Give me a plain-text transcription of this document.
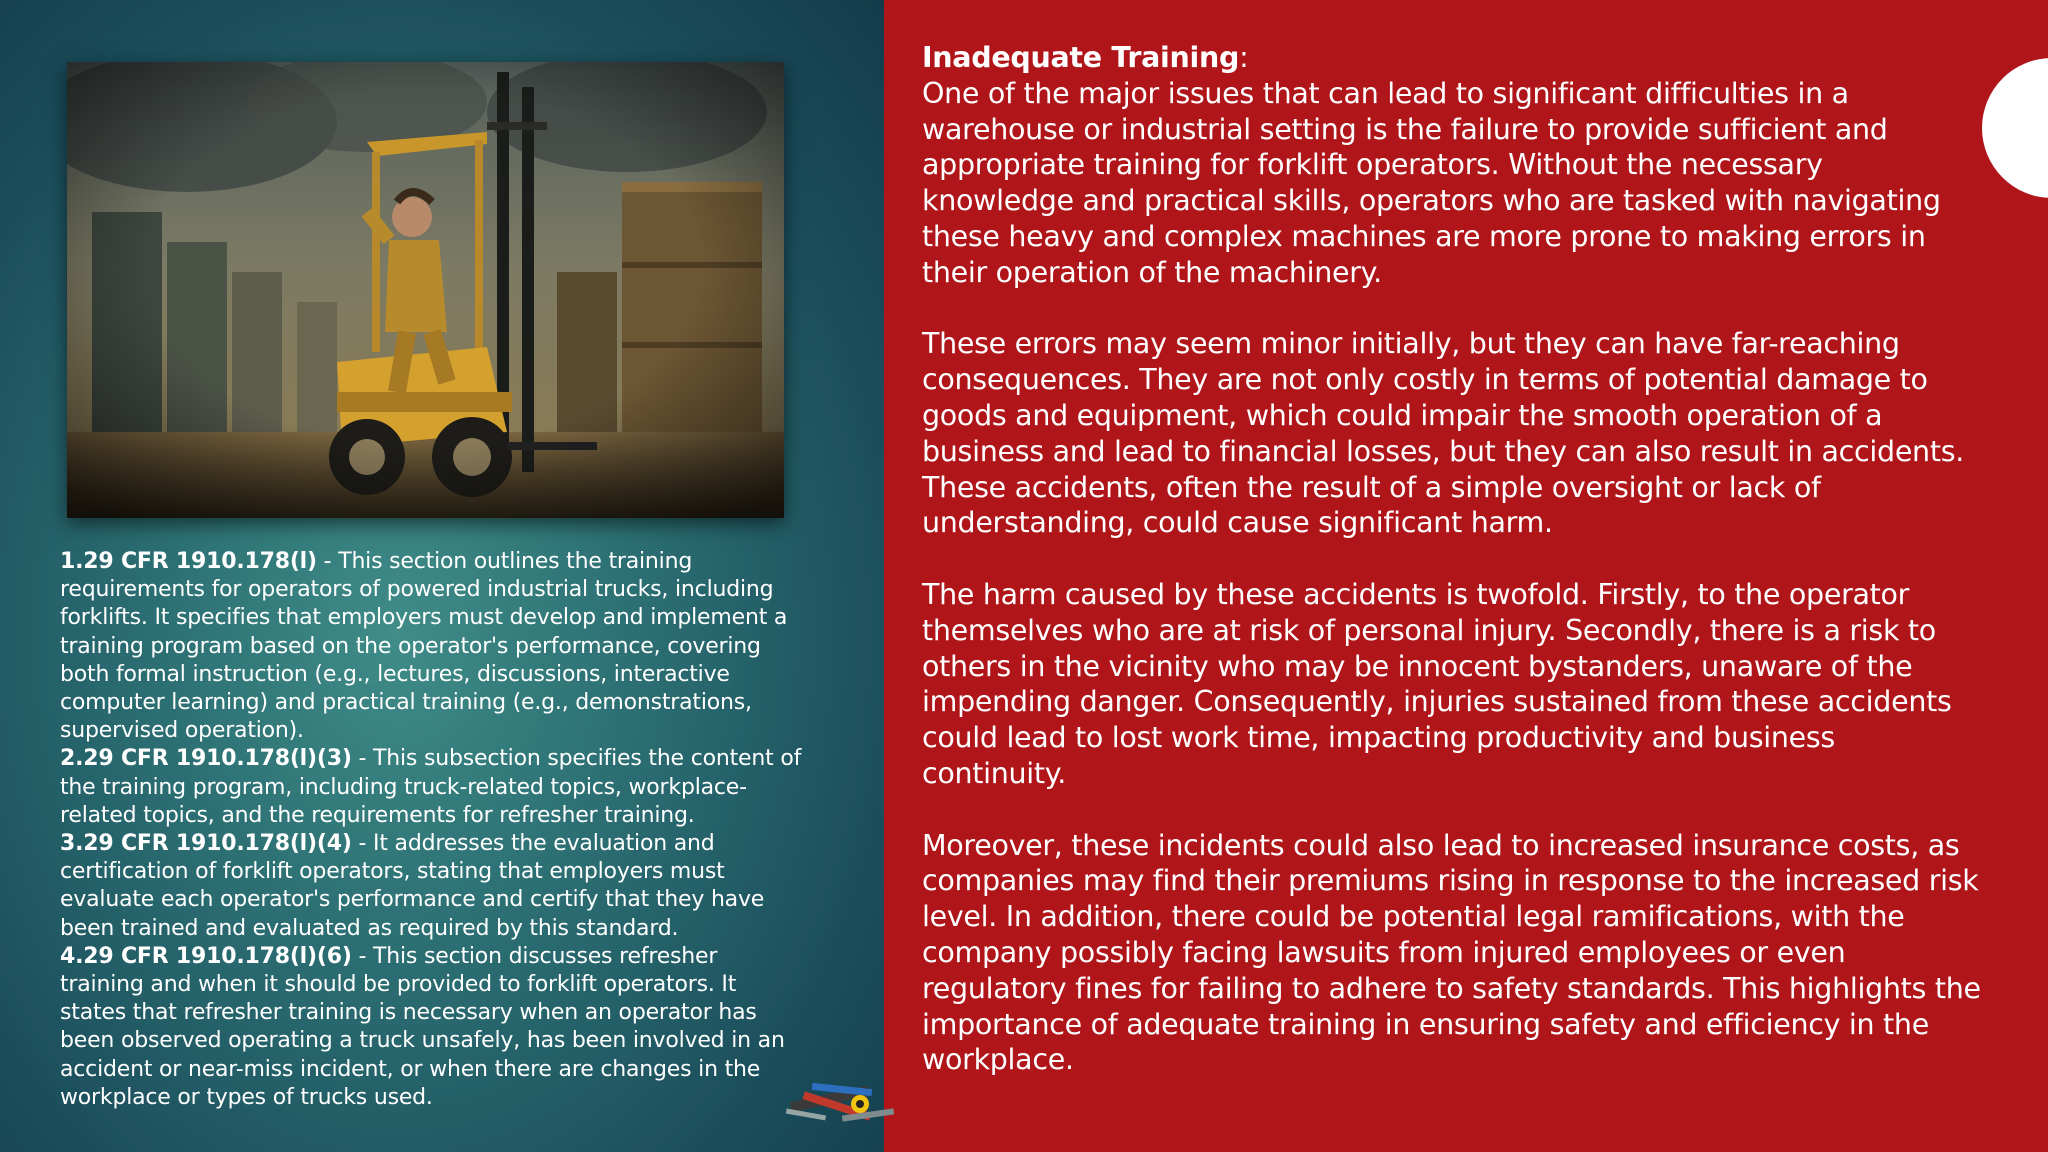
1.29 CFR 1910.178(l) - This section outlines the training requirements for operators of powered industrial trucks, including forklifts. It specifies that employers must develop and implement a training program based on the operator's performance, covering both formal instruction (e.g., lectures, discussions, interactive computer learning) and practical training (e.g., demonstrations, supervised operation).

2.29 CFR 1910.178(l)(3) - This subsection specifies the content of the training program, including truck-related topics, workplace-related topics, and the requirements for refresher training.

3.29 CFR 1910.178(l)(4) - It addresses the evaluation and certification of forklift operators, stating that employers must evaluate each operator's performance and certify that they have been trained and evaluated as required by this standard.

4.29 CFR 1910.178(l)(6) - This section discusses refresher training and when it should be provided to forklift operators. It states that refresher training is necessary when an operator has been observed operating a truck unsafely, has been involved in an accident or near-miss incident, or when there are changes in the workplace or types of trucks used.

Inadequate Training:

One of the major issues that can lead to significant difficulties in a warehouse or industrial setting is the failure to provide sufficient and appropriate training for forklift operators. Without the necessary knowledge and practical skills, operators who are tasked with navigating these heavy and complex machines are more prone to making errors in their operation of the machinery.

These errors may seem minor initially, but they can have far-reaching consequences. They are not only costly in terms of potential damage to goods and equipment, which could impair the smooth operation of a business and lead to financial losses, but they can also result in accidents. These accidents, often the result of a simple oversight or lack of understanding, could cause significant harm.

The harm caused by these accidents is twofold. Firstly, to the operator themselves who are at risk of personal injury. Secondly, there is a risk to others in the vicinity who may be innocent bystanders, unaware of the impending danger. Consequently, injuries sustained from these accidents could lead to lost work time, impacting productivity and business continuity.

Moreover, these incidents could also lead to increased insurance costs, as companies may find their premiums rising in response to the increased risk level. In addition, there could be potential legal ramifications, with the company possibly facing lawsuits from injured employees or even regulatory fines for failing to adhere to safety standards. This highlights the importance of adequate training in ensuring safety and efficiency in the workplace.
